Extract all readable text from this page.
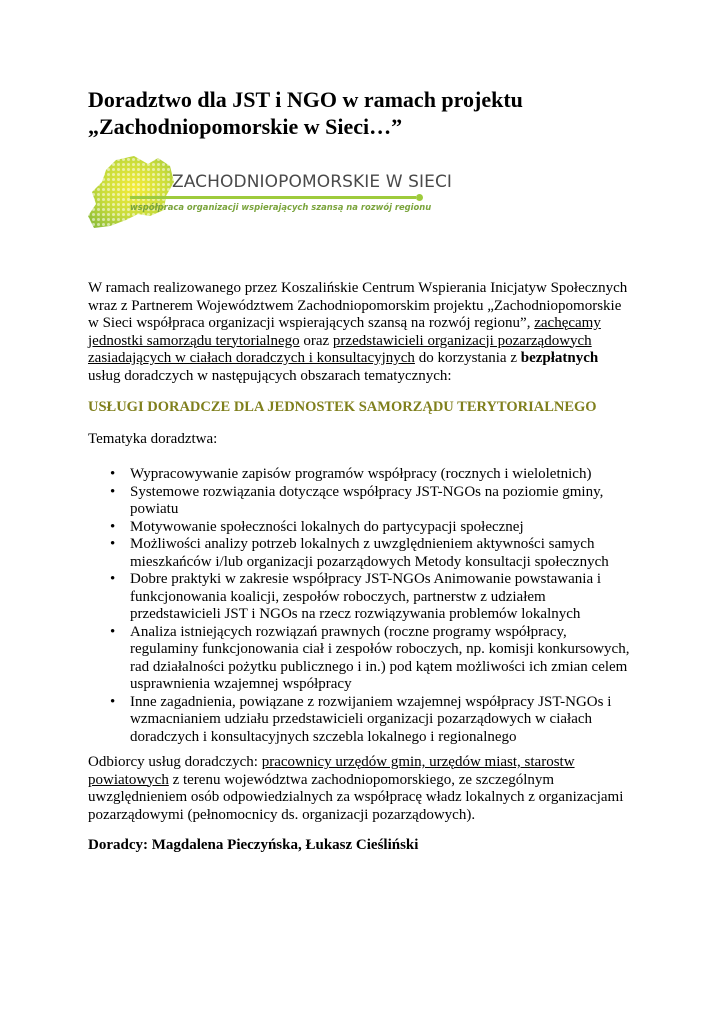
Doradztwo dla JST i NGO w ramach projektu
„Zachodniopomorskie w Sieci…”
ZACHODNIOPOMORSKIE W SIECI
współpraca organizacji wspierających szansą na rozwój regionu

W ramach realizowanego przez Koszalińskie Centrum Wspierania Inicjatyw Społecznych wraz z Partnerem Województwem Zachodniopomorskim projektu „Zachodniopomorskie w Sieci współpraca organizacji wspierających szansą na rozwój regionu”, zachęcamy jednostki samorządu terytorialnego oraz przedstawicieli organizacji pozarządowych zasiadających w ciałach doradczych i konsultacyjnych do korzystania z bezpłatnych usług doradczych w następujących obszarach tematycznych:

USŁUGI DORADCZE DLA JEDNOSTEK SAMORZĄDU TERYTORIALNEGO

Tematyka doradztwa:

• Wypracowywanie zapisów programów współpracy (rocznych i wieloletnich)
• Systemowe rozwiązania dotyczące współpracy JST-NGOs na poziomie gminy, powiatu
• Motywowanie społeczności lokalnych do partycypacji społecznej
• Możliwości analizy potrzeb lokalnych z uwzględnieniem aktywności samych mieszkańców i/lub organizacji pozarządowych Metody konsultacji społecznych
• Dobre praktyki w zakresie współpracy JST-NGOs Animowanie powstawania i funkcjonowania koalicji, zespołów roboczych, partnerstw z udziałem przedstawicieli JST i NGOs na rzecz rozwiązywania problemów lokalnych
• Analiza istniejących rozwiązań prawnych (roczne programy współpracy, regulaminy funkcjonowania ciał i zespołów roboczych, np. komisji konkursowych, rad działalności pożytku publicznego i in.) pod kątem możliwości ich zmian celem usprawnienia wzajemnej współpracy
• Inne zagadnienia, powiązane z rozwijaniem wzajemnej współpracy JST-NGOs i wzmacnianiem udziału przedstawicieli organizacji pozarządowych w ciałach doradczych i konsultacyjnych szczebla lokalnego i regionalnego

Odbiorcy usług doradczych: pracownicy urzędów gmin, urzędów miast, starostw powiatowych z terenu województwa zachodniopomorskiego, ze szczególnym uwzględnieniem osób odpowiedzialnych za współpracę władz lokalnych z organizacjami pozarządowymi (pełnomocnicy ds. organizacji pozarządowych).

Doradcy: Magdalena Pieczyńska, Łukasz Cieśliński
